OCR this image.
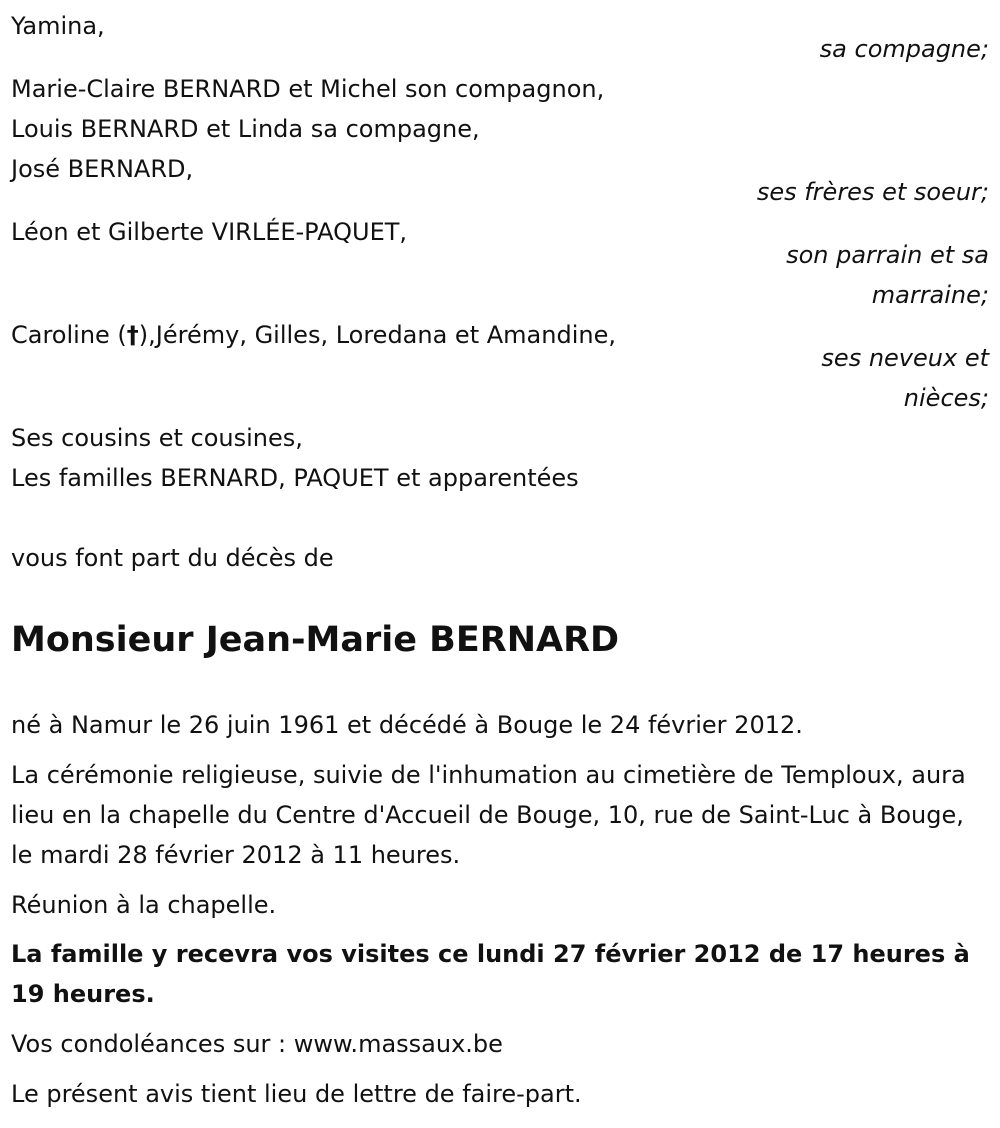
Yamina,
sa compagne;
Marie-Claire BERNARD et Michel son compagnon,
Louis BERNARD et Linda sa compagne,
José BERNARD,
ses frères et soeur;
Léon et Gilberte VIRLÉE-PAQUET,
son parrain et sa
marraine;
Caroline (†),Jérémy, Gilles, Loredana et Amandine,
ses neveux et
nièces;
Ses cousins et cousines,
Les familles BERNARD, PAQUET et apparentées
vous font part du décès de
Monsieur Jean-Marie BERNARD
né à Namur le 26 juin 1961 et décédé à Bouge le 24 février 2012.
La cérémonie religieuse, suivie de l'inhumation au cimetière de Temploux, aura lieu en la chapelle du Centre d'Accueil de Bouge, 10, rue de Saint-Luc à Bouge, le mardi 28 février 2012 à 11 heures.
Réunion à la chapelle.
La famille y recevra vos visites ce lundi 27 février 2012 de 17 heures à 19 heures.
Vos condoléances sur : www.massaux.be
Le présent avis tient lieu de lettre de faire-part.
